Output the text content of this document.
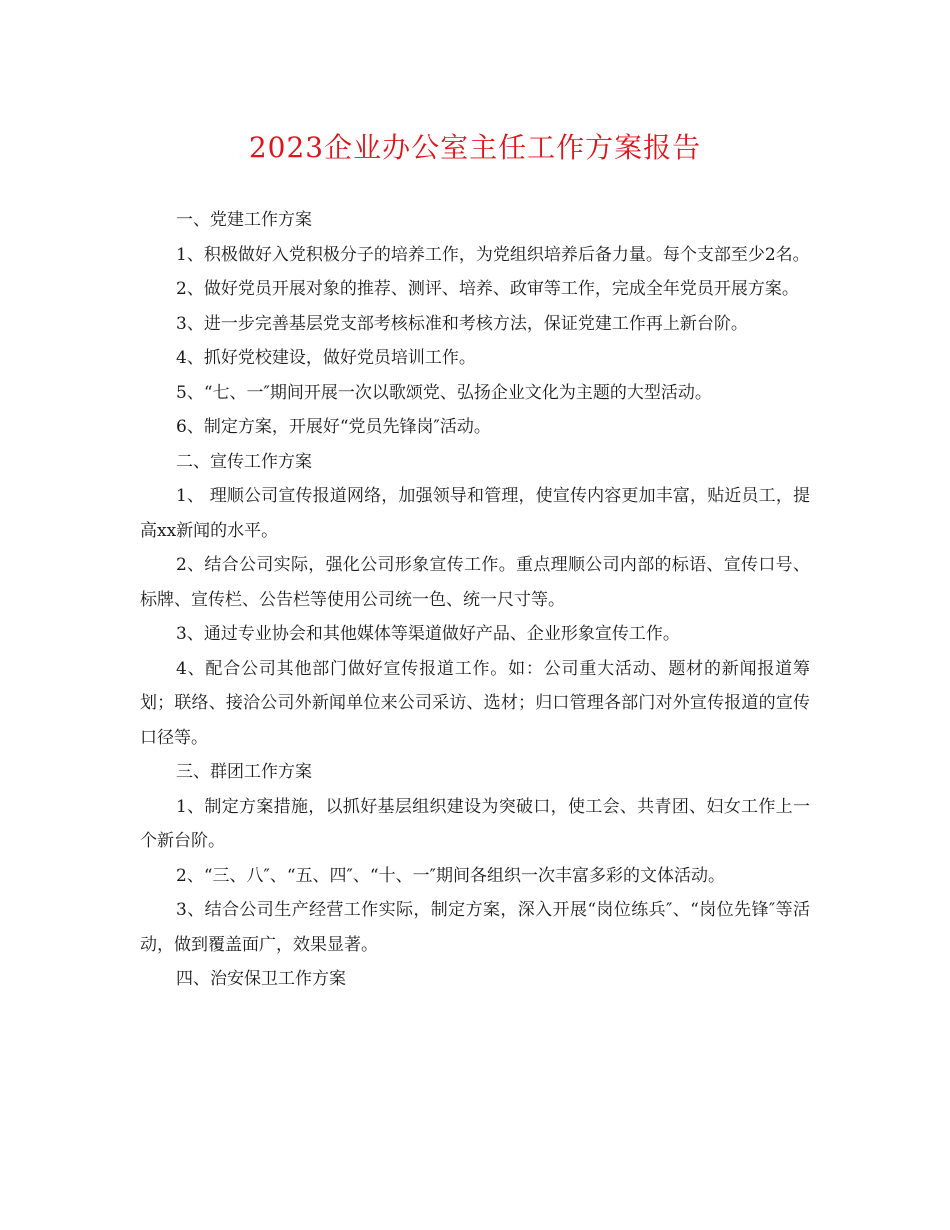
2023企业办公室主任工作方案报告

一、党建工作方案

1、积极做好入党积极分子的培养工作，为党组织培养后备力量。每个支部至少2名。

2、做好党员开展对象的推荐、测评、培养、政审等工作，完成全年党员开展方案。

3、进一步完善基层党支部考核标准和考核方法，保证党建工作再上新台阶。

4、抓好党校建设，做好党员培训工作。

5、“七、一″期间开展一次以歌颂党、弘扬企业文化为主题的大型活动。

6、制定方案，开展好“党员先锋岗″活动。

二、宣传工作方案

1、 理顺公司宣传报道网络，加强领导和管理，使宣传内容更加丰富，贴近员工，提高xx新闻的水平。

2、结合公司实际，强化公司形象宣传工作。重点理顺公司内部的标语、宣传口号、标牌、宣传栏、公告栏等使用公司统一色、统一尺寸等。

3、通过专业协会和其他媒体等渠道做好产品、企业形象宣传工作。

4、配合公司其他部门做好宣传报道工作。如：公司重大活动、题材的新闻报道筹划；联络、接洽公司外新闻单位来公司采访、选材；归口管理各部门对外宣传报道的宣传口径等。

三、群团工作方案

1、制定方案措施，以抓好基层组织建设为突破口，使工会、共青团、妇女工作上一个新台阶。

2、“三、八″、“五、四″、“十、一″期间各组织一次丰富多彩的文体活动。

3、结合公司生产经营工作实际，制定方案，深入开展“岗位练兵″、“岗位先锋″等活动，做到覆盖面广，效果显著。

四、治安保卫工作方案
